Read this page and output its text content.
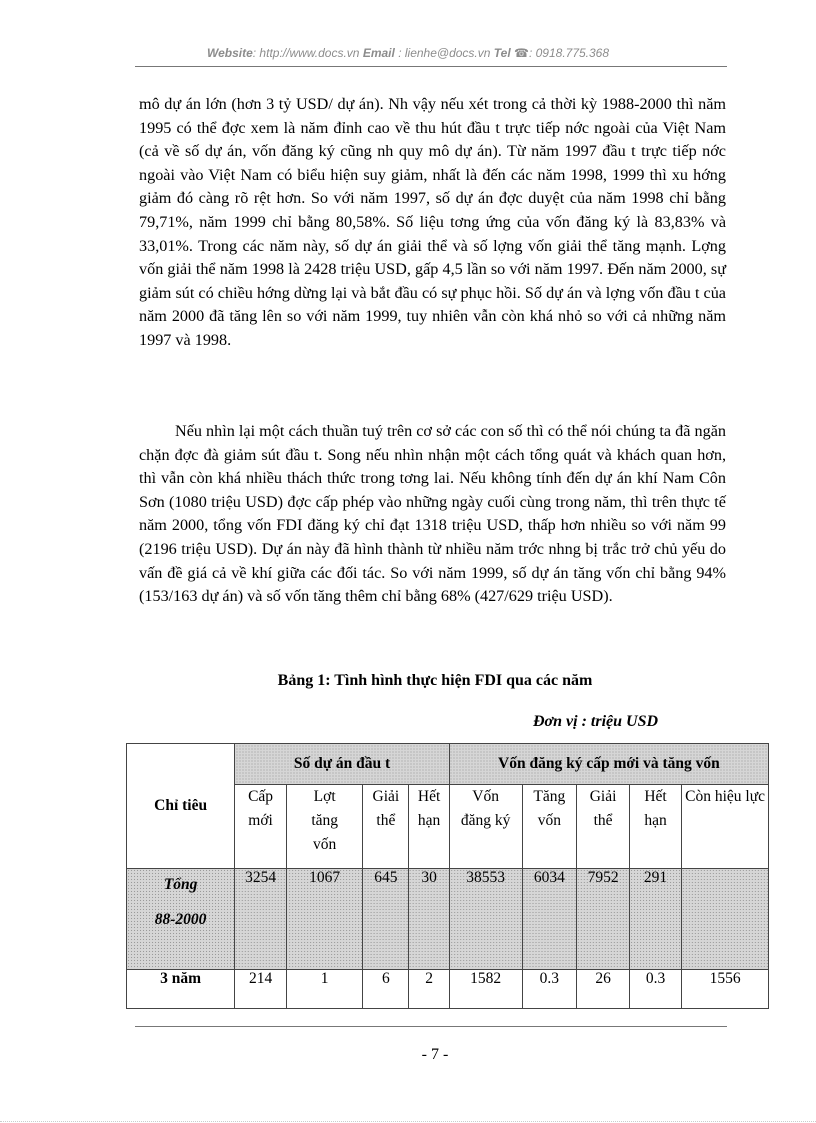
Website: http://www.docs.vn Email : lienhe@docs.vn Tel ☎: 0918.775.368

mô dự án lớn (hơn 3 tỷ USD/ dự án). Nh vậy nếu xét trong cả thời kỳ 1988-2000 thì năm 1995 có thể đợc xem là năm đỉnh cao về thu hút đầu t trực tiếp nớc ngoài của Việt Nam (cả về số dự án, vốn đăng ký cũng nh quy mô dự án). Từ năm 1997 đầu t trực tiếp nớc ngoài vào Việt Nam có biểu hiện suy giảm, nhất là đến các năm 1998, 1999 thì xu hớng giảm đó càng rõ rệt hơn. So với năm 1997, số dự án đợc duyệt của năm 1998 chỉ bằng 79,71%, năm 1999 chỉ bằng 80,58%. Số liệu tơng ứng của vốn đăng ký là 83,83% và 33,01%. Trong các năm này, số dự án giải thể và số lợng vốn giải thể tăng mạnh. Lợng vốn giải thể năm 1998 là 2428 triệu USD, gấp 4,5 lần so với năm 1997. Đến năm 2000, sự giảm sút có chiều hớng dừng lại và bắt đầu có sự phục hồi. Số dự án và lợng vốn đầu t của năm 2000 đã tăng lên so với năm 1999, tuy nhiên vẫn còn khá nhỏ so với cả những năm 1997 và 1998.

Nếu nhìn lại một cách thuần tuý trên cơ sở các con số thì có thể nói chúng ta đã ngăn chặn đợc đà giảm sút đầu t. Song nếu nhìn nhận một cách tổng quát và khách quan hơn, thì vẫn còn khá nhiều thách thức trong tơng lai. Nếu không tính đến dự án khí Nam Côn Sơn (1080 triệu USD) đợc cấp phép vào những ngày cuối cùng trong năm, thì trên thực tế năm 2000, tổng vốn FDI đăng ký chỉ đạt 1318 triệu USD, thấp hơn nhiều so với năm 99 (2196 triệu USD). Dự án này đã hình thành từ nhiều năm trớc nhng bị trắc trở chủ yếu do vấn đề giá cả về khí giữa các đối tác. So với năm 1999, số dự án tăng vốn chỉ bằng 94% (153/163 dự án) và số vốn tăng thêm chỉ bằng 68% (427/629 triệu USD).

Bảng 1: Tình hình thực hiện FDI qua các năm
Đơn vị : triệu USD
Chỉ tiêu	Số dự án đầu t				Vốn đăng ký cấp mới và tăng vốn				
	Cấp mới	Lợt tăng vốn	Giải thể	Hết hạn	Vốn đăng ký	Tăng vốn	Giải thể	Hết hạn	Còn hiệu lực

Tổng
88-2000	3254	1067	645	30	38553	6034	7952	291	
3 năm	214	1	6	2	1582	0.3	26	0.3	1556
- 7 -
